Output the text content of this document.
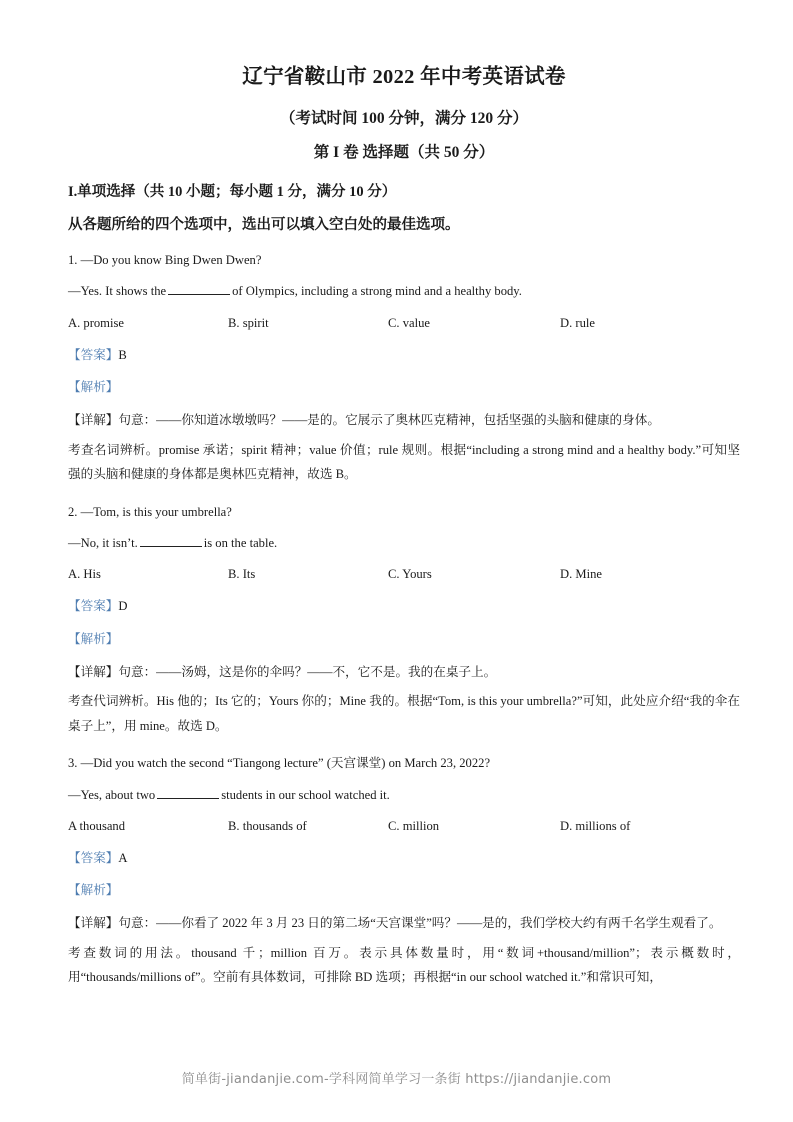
辽宁省鞍山市 2022 年中考英语试卷
（考试时间 100 分钟，满分 120 分）
第 I 卷 选择题（共 50 分）
I.单项选择（共 10 小题；每小题 1 分，满分 10 分）
从各题所给的四个选项中，选出可以填入空白处的最佳选项。

1. —Do you know Bing Dwen Dwen?

—Yes. It shows the	of Olympics, including a strong mind and a healthy body.

A. promise	B. spirit	C. value	D. rule

【答案】B

【解析】

【详解】句意：——你知道冰墩墩吗？——是的。它展示了奥林匹克精神，包括坚强的头脑和健康的身体。

考查名词辨析。promise 承诺；spirit 精神；value 价值；rule 规则。根据“including a strong mind and a healthy body.”可知坚强的头脑和健康的身体都是奥林匹克精神，故选 B。

2. —Tom, is this your umbrella?

—No, it isn’t.	is on the table.

A. His	B. Its	C. Yours	D. Mine

【答案】D

【解析】

【详解】句意：——汤姆，这是你的伞吗？——不，它不是。我的在桌子上。

考查代词辨析。His 他的；Its 它的；Yours 你的；Mine 我的。根据“Tom, is this your umbrella?”可知，此处应介绍“我的伞在桌子上”，用 mine。故选 D。

3. —Did you watch the second “Tiangong lecture” (天宫课堂) on March 23, 2022?

—Yes, about two	students in our school watched it.

A thousand	B. thousands of	C. million	D. millions of

【答案】A

【解析】

【详解】句意：——你看了 2022 年 3 月 23 日的第二场“天宫课堂”吗？——是的，我们学校大约有两千名学生观看了。

考查数词的用法。thousand 千；million 百万。表示具体数量时，用“数词+thousand/million”；表示概数时，用“thousands/millions of”。空前有具体数词，可排除 BD 选项；再根据“in our school watched it.”和常识可知，

简单街-jiandanjie.com-学科网简单学习一条街 https://jiandanjie.com
